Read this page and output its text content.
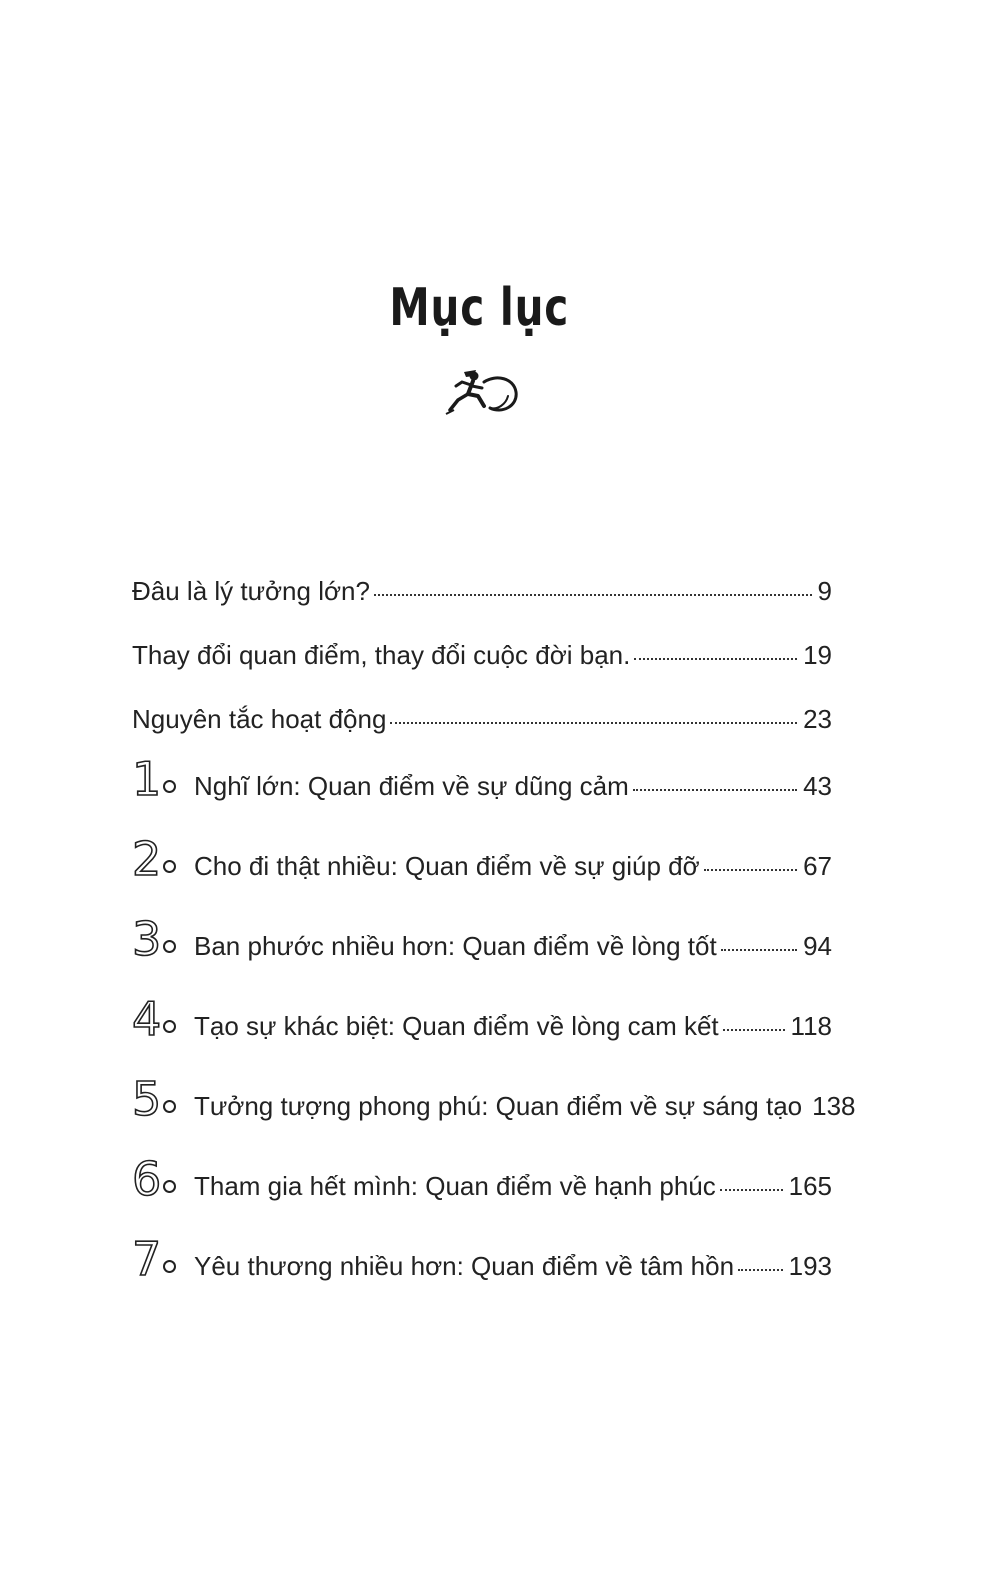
Mục lục
Đâu là lý tưởng lớn?	9
Thay đổi quan điểm, thay đổi cuộc đời bạn.	19
Nguyên tắc hoạt động	23
1 Nghĩ lớn: Quan điểm về sự dũng cảm	43
2 Cho đi thật nhiều: Quan điểm về sự giúp đỡ	67
3 Ban phước nhiều hơn: Quan điểm về lòng tốt	94
4 Tạo sự khác biệt: Quan điểm về lòng cam kết	118
5 Tưởng tượng phong phú: Quan điểm về sự sáng tạo 138
6 Tham gia hết mình: Quan điểm về hạnh phúc	165
7 Yêu thương nhiều hơn: Quan điểm về tâm hồn 193
